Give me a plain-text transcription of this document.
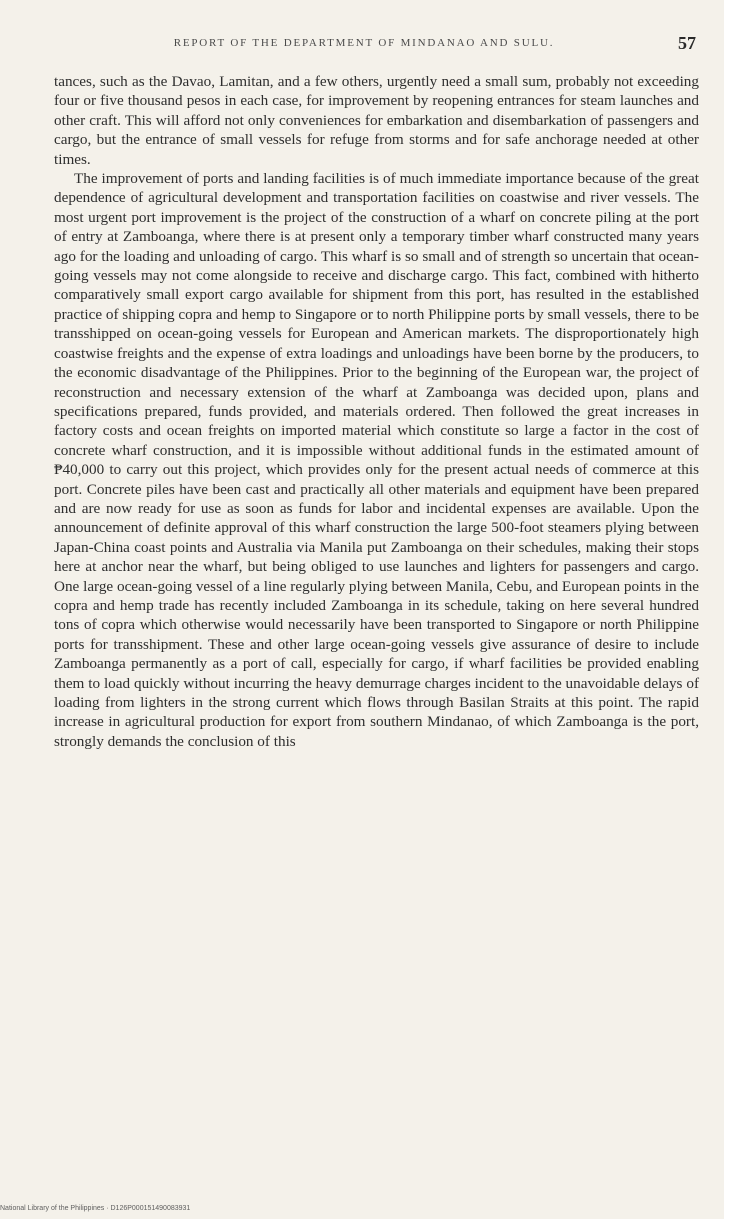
REPORT OF THE DEPARTMENT OF MINDANAO AND SULU.	57

tances, such as the Davao, Lamitan, and a few others, urgently need a small sum, probably not exceeding four or five thousand pesos in each case, for improvement by reopening entrances for steam launches and other craft. This will afford not only conveniences for embarkation and disembarkation of passengers and cargo, but the entrance of small vessels for refuge from storms and for safe anchorage needed at other times.

The improvement of ports and landing facilities is of much immediate importance because of the great dependence of agricultural development and transportation facilities on coastwise and river vessels. The most urgent port improvement is the project of the construction of a wharf on concrete piling at the port of entry at Zamboanga, where there is at present only a temporary timber wharf constructed many years ago for the loading and unloading of cargo. This wharf is so small and of strength so uncertain that ocean-going vessels may not come alongside to receive and discharge cargo. This fact, combined with hitherto comparatively small export cargo available for shipment from this port, has resulted in the established practice of shipping copra and hemp to Singapore or to north Philippine ports by small vessels, there to be transshipped on ocean-going vessels for European and American markets. The disproportionately high coastwise freights and the expense of extra loadings and unloadings have been borne by the producers, to the economic disadvantage of the Philippines. Prior to the beginning of the European war, the project of reconstruction and necessary extension of the wharf at Zamboanga was decided upon, plans and specifications prepared, funds provided, and materials ordered. Then followed the great increases in factory costs and ocean freights on imported material which constitute so large a factor in the cost of concrete wharf construction, and it is impossible without additional funds in the estimated amount of ₱40,000 to carry out this project, which provides only for the present actual needs of commerce at this port. Concrete piles have been cast and practically all other materials and equipment have been prepared and are now ready for use as soon as funds for labor and incidental expenses are available. Upon the announcement of definite approval of this wharf construction the large 500-foot steamers plying between Japan-China coast points and Australia via Manila put Zamboanga on their schedules, making their stops here at anchor near the wharf, but being obliged to use launches and lighters for passengers and cargo. One large ocean-going vessel of a line regularly plying between Manila, Cebu, and European points in the copra and hemp trade has recently included Zamboanga in its schedule, taking on here several hundred tons of copra which otherwise would necessarily have been transported to Singapore or north Philippine ports for transshipment. These and other large ocean-going vessels give assurance of desire to include Zamboanga permanently as a port of call, especially for cargo, if wharf facilities be provided enabling them to load quickly without incurring the heavy demurrage charges incident to the unavoidable delays of loading from lighters in the strong current which flows through Basilan Straits at this point. The rapid increase in agricultural production for export from southern Mindanao, of which Zamboanga is the port, strongly demands the conclusion of this

National Library of the Philippines · D126P000151490083931
